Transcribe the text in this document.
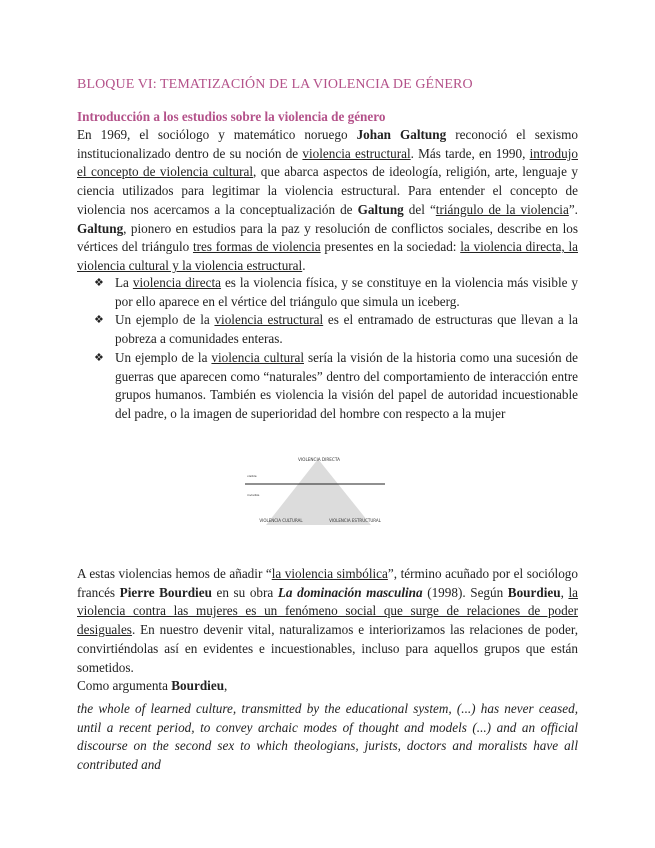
BLOQUE VI: TEMATIZACIÓN DE LA VIOLENCIA DE GÉNERO
Introducción a los estudios sobre la violencia de género

En 1969, el sociólogo y matemático noruego Johan Galtung reconoció el sexismo institucionalizado dentro de su noción de violencia estructural. Más tarde, en 1990, introdujo el concepto de violencia cultural, que abarca aspectos de ideología, religión, arte, lenguaje y ciencia utilizados para legitimar la violencia estructural. Para entender el concepto de violencia nos acercamos a la conceptualización de Galtung del “triángulo de la violencia”. Galtung, pionero en estudios para la paz y resolución de conflictos sociales, describe en los vértices del triángulo tres formas de violencia presentes en la sociedad: la violencia directa, la violencia cultural y la violencia estructural.

❖ La violencia directa es la violencia física, y se constituye en la violencia más visible y por ello aparece en el vértice del triángulo que simula un iceberg.
❖ Un ejemplo de la violencia estructural es el entramado de estructuras que llevan a la pobreza a comunidades enteras.
❖ Un ejemplo de la violencia cultural sería la visión de la historia como una sucesión de guerras que aparecen como “naturales” dentro del comportamiento de interacción entre grupos humanos. También es violencia la visión del papel de autoridad incuestionable del padre, o la imagen de superioridad del hombre con respecto a la mujer
VIOLENCIA DIRECTA
visible
invisible
VIOLENCIA CULTURAL	VIOLENCIA ESTRUCTURAL

A estas violencias hemos de añadir “la violencia simbólica”, término acuñado por el sociólogo francés Pierre Bourdieu en su obra La dominación masculina (1998). Según Bourdieu, la violencia contra las mujeres es un fenómeno social que surge de relaciones de poder desiguales. En nuestro devenir vital, naturalizamos e interiorizamos las relaciones de poder, convirtiéndolas así en evidentes e incuestionables, incluso para aquellos grupos que están sometidos.

Como argumenta Bourdieu,

the whole of learned culture, transmitted by the educational system, (...) has never ceased, until a recent period, to convey archaic modes of thought and models (...) and an official discourse on the second sex to which theologians, jurists, doctors and moralists have all contributed and
